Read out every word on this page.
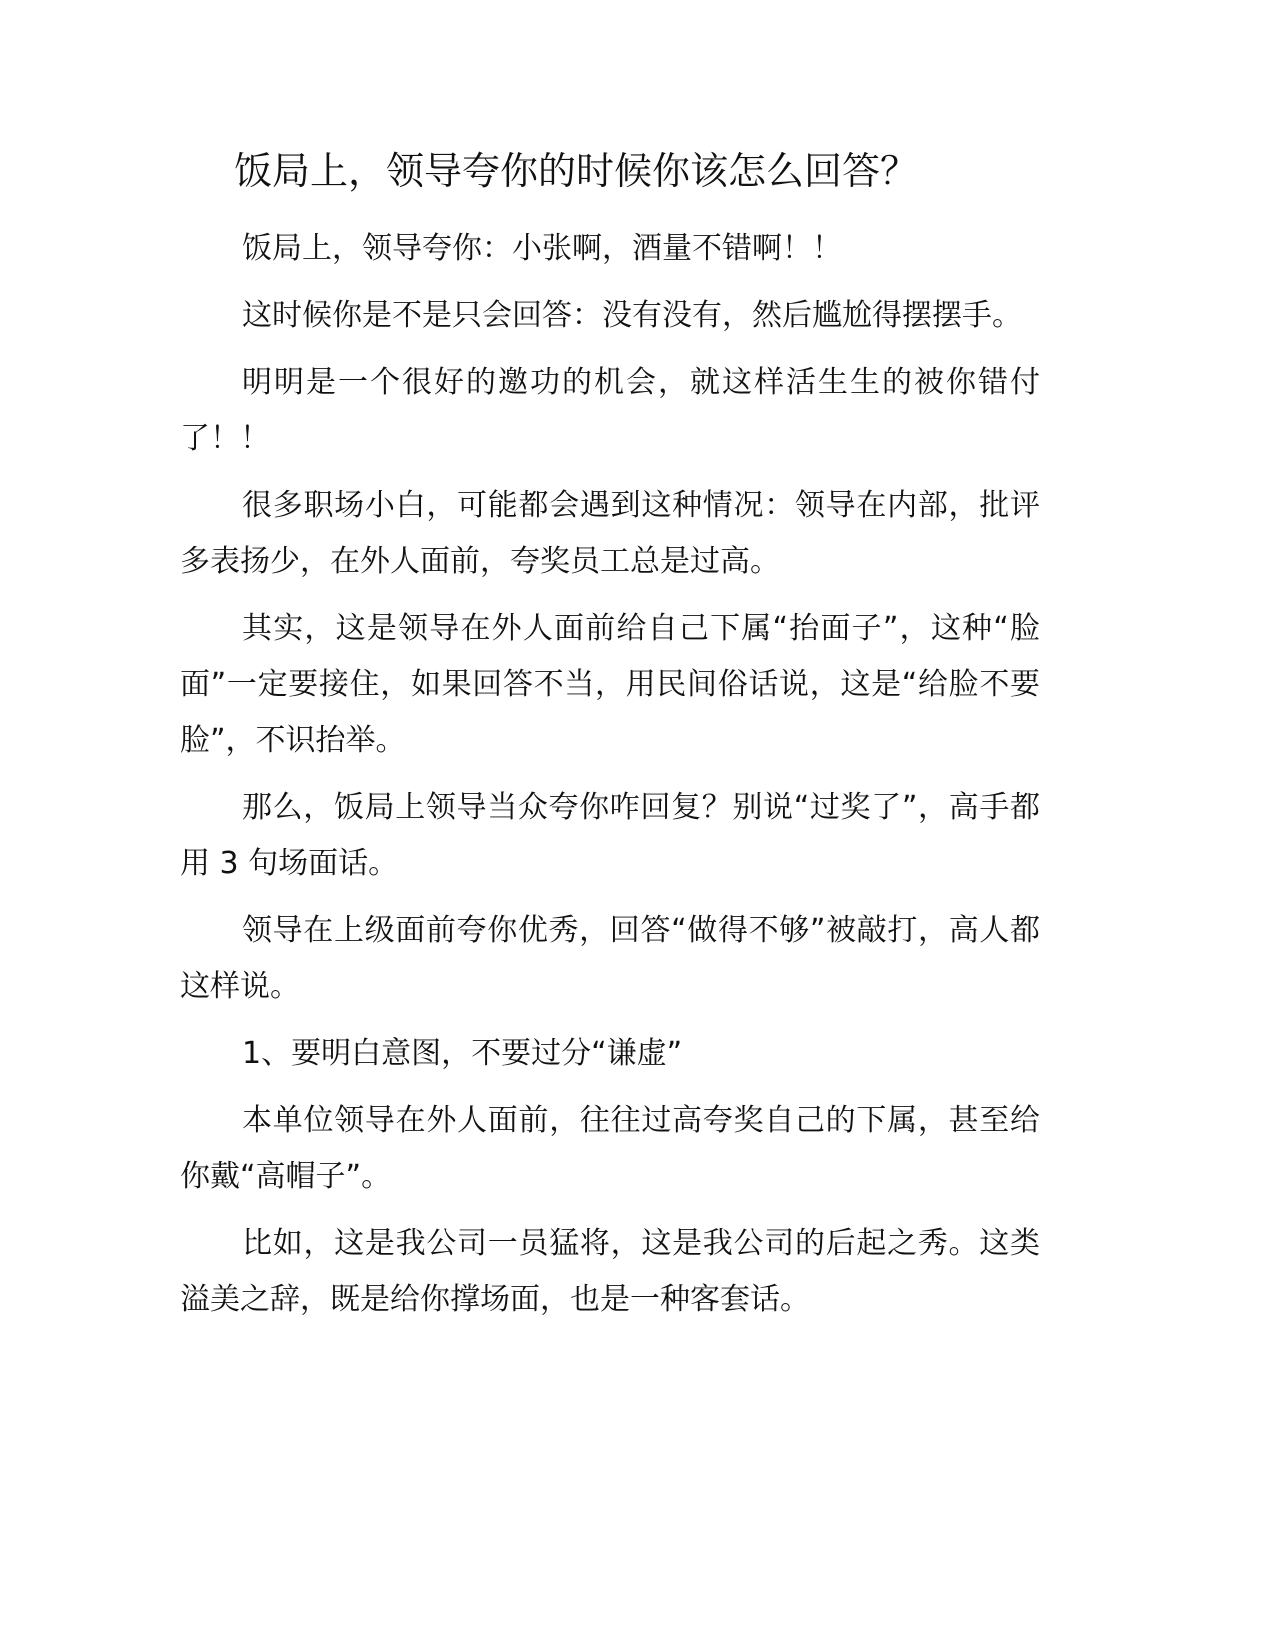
饭局上，领导夸你的时候你该怎么回答？

饭局上，领导夸你：小张啊，酒量不错啊！！

这时候你是不是只会回答：没有没有，然后尴尬得摆摆手。

明明是一个很好的邀功的机会，就这样活生生的被你错付了！！

很多职场小白，可能都会遇到这种情况：领导在内部，批评多表扬少，在外人面前，夸奖员工总是过高。

其实，这是领导在外人面前给自己下属“抬面子”，这种“脸面”一定要接住，如果回答不当，用民间俗话说，这是“给脸不要脸”，不识抬举。

那么，饭局上领导当众夸你咋回复？别说“过奖了”，高手都用 3 句场面话。

领导在上级面前夸你优秀，回答“做得不够”被敲打，高人都这样说。

1、要明白意图，不要过分“谦虚”

本单位领导在外人面前，往往过高夸奖自己的下属，甚至给你戴“高帽子”。

比如，这是我公司一员猛将，这是我公司的后起之秀。这类溢美之辞，既是给你撑场面，也是一种客套话。
